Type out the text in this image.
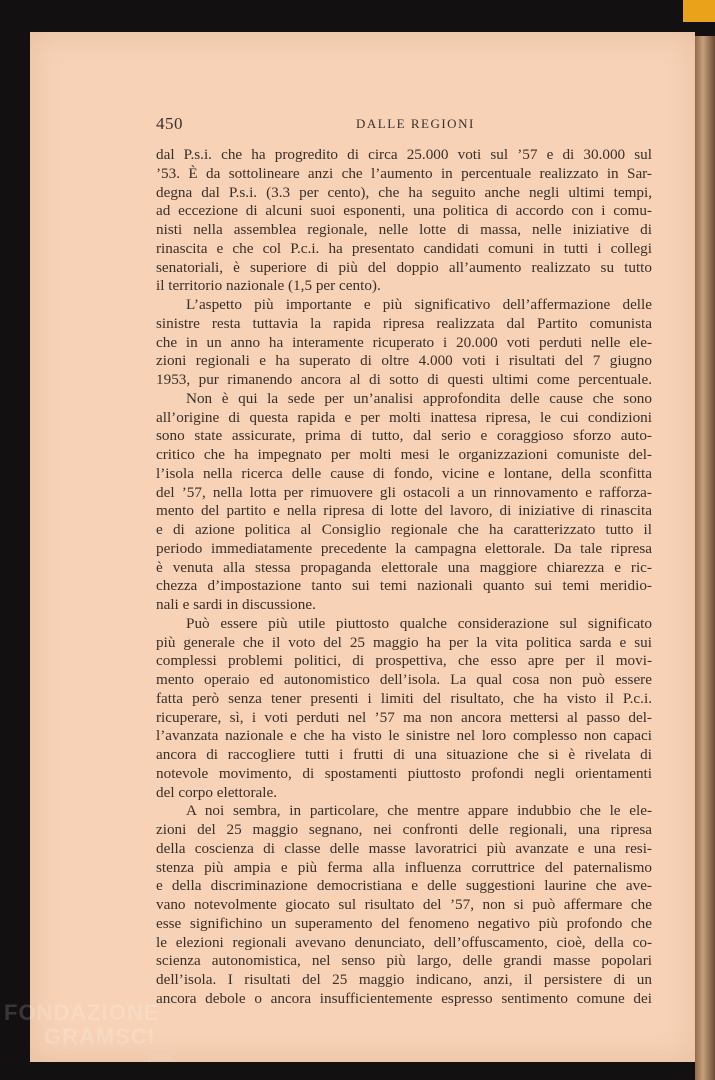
450	DALLE REGIONI
dal P.s.i. che ha progredito di circa 25.000 voti sul ’57 e di 30.000 sul
’53. È da sottolineare anzi che l’aumento in percentuale realizzato in Sar-
degna dal P.s.i. (3.3 per cento), che ha seguito anche negli ultimi tempi,
ad eccezione di alcuni suoi esponenti, una politica di accordo con i comu-
nisti nella assemblea regionale, nelle lotte di massa, nelle iniziative di
rinascita e che col P.c.i. ha presentato candidati comuni in tutti i collegi
senatoriali, è superiore di più del doppio all’aumento realizzato su tutto
il territorio nazionale (1,5 per cento).
L’aspetto più importante e più significativo dell’affermazione delle
sinistre resta tuttavia la rapida ripresa realizzata dal Partito comunista
che in un anno ha interamente ricuperato i 20.000 voti perduti nelle ele-
zioni regionali e ha superato di oltre 4.000 voti i risultati del 7 giugno
1953, pur rimanendo ancora al di sotto di questi ultimi come percentuale.
Non è qui la sede per un’analisi approfondita delle cause che sono
all’origine di questa rapida e per molti inattesa ripresa, le cui condizioni
sono state assicurate, prima di tutto, dal serio e coraggioso sforzo auto-
critico che ha impegnato per molti mesi le organizzazioni comuniste del-
l’isola nella ricerca delle cause di fondo, vicine e lontane, della sconfitta
del ’57, nella lotta per rimuovere gli ostacoli a un rinnovamento e rafforza-
mento del partito e nella ripresa di lotte del lavoro, di iniziative di rinascita
e di azione politica al Consiglio regionale che ha caratterizzato tutto il
periodo immediatamente precedente la campagna elettorale. Da tale ripresa
è venuta alla stessa propaganda elettorale una maggiore chiarezza e ric-
chezza d’impostazione tanto sui temi nazionali quanto sui temi meridio-
nali e sardi in discussione.
Può essere più utile piuttosto qualche considerazione sul significato
più generale che il voto del 25 maggio ha per la vita politica sarda e sui
complessi problemi politici, di prospettiva, che esso apre per il movi-
mento operaio ed autonomistico dell’isola. La qual cosa non può essere
fatta però senza tener presenti i limiti del risultato, che ha visto il P.c.i.
ricuperare, sì, i voti perduti nel ’57 ma non ancora mettersi al passo del-
l’avanzata nazionale e che ha visto le sinistre nel loro complesso non capaci
ancora di raccogliere tutti i frutti di una situazione che si è rivelata di
notevole movimento, di spostamenti piuttosto profondi negli orientamenti
del corpo elettorale.
A noi sembra, in particolare, che mentre appare indubbio che le ele-
zioni del 25 maggio segnano, nei confronti delle regionali, una ripresa
della coscienza di classe delle masse lavoratrici più avanzate e una resi-
stenza più ampia e più ferma alla influenza corruttrice del paternalismo
e della discriminazione democristiana e delle suggestioni laurine che ave-
vano notevolmente giocato sul risultato del ’57, non si può affermare che
esse significhino un superamento del fenomeno negativo più profondo che
le elezioni regionali avevano denunciato, dell’offuscamento, cioè, della co-
scienza autonomistica, nel senso più largo, delle grandi masse popolari
dell’isola. I risultati del 25 maggio indicano, anzi, il persistere di un
ancora debole o ancora insufficientemente espresso sentimento comune dei
FONDAZIONE
GRAMSCI
onlus
